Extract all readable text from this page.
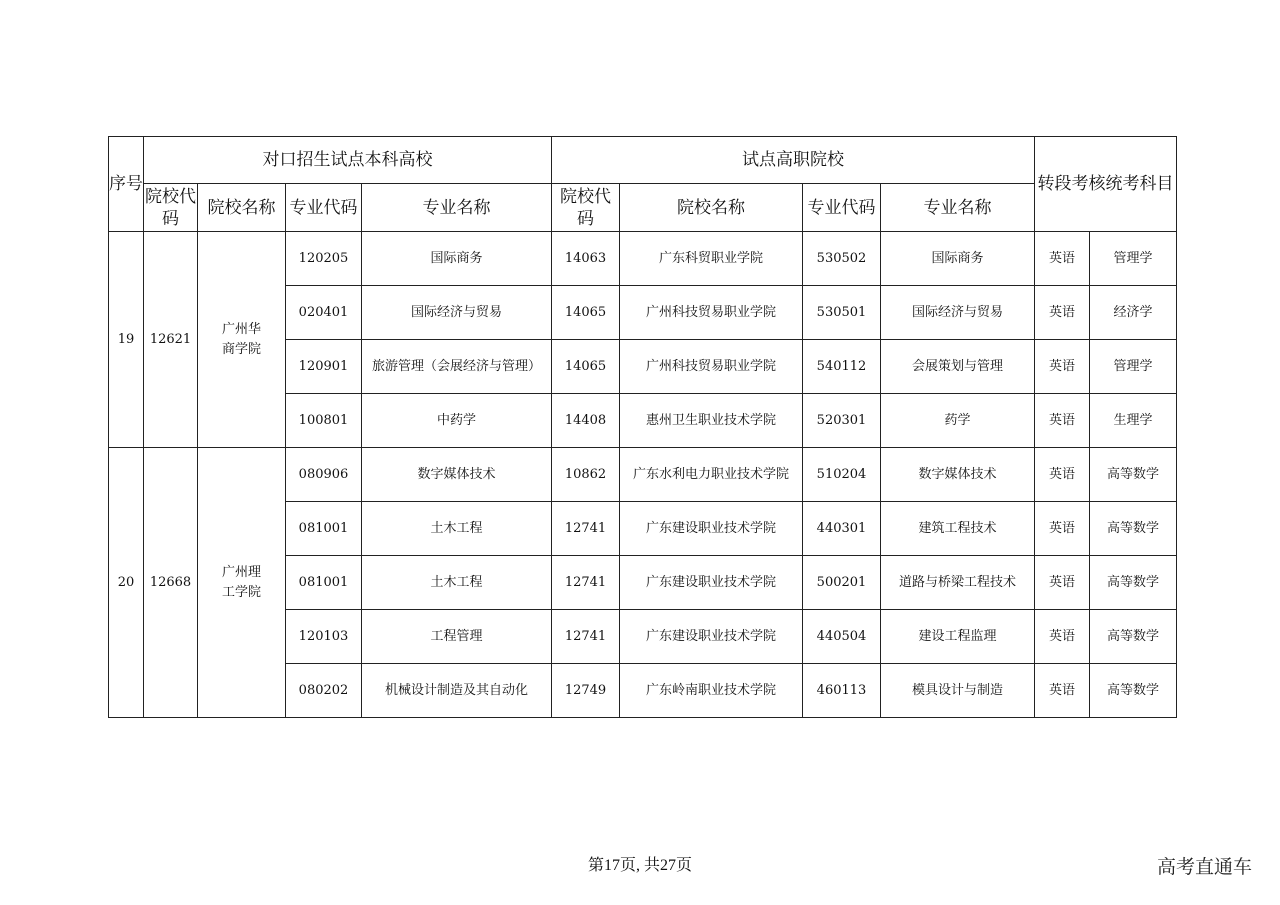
序号	对口招生试点本科高校				试点高职院校				转段考核统考科目	
	院校代码	院校名称	专业代码	专业名称	院校代码	院校名称	专业代码	专业名称		
19	12621	广州华商学院	120205	国际商务	14063	广东科贸职业学院	530502	国际商务	英语	管理学
			020401	国际经济与贸易	14065	广州科技贸易职业学院	530501	国际经济与贸易	英语	经济学
			120901	旅游管理（会展经济与管理）	14065	广州科技贸易职业学院	540112	会展策划与管理	英语	管理学
			100801	中药学	14408	惠州卫生职业技术学院	520301	药学	英语	生理学
20	12668	广州理工学院	080906	数字媒体技术	10862	广东水利电力职业技术学院	510204	数字媒体技术	英语	高等数学
			081001	土木工程	12741	广东建设职业技术学院	440301	建筑工程技术	英语	高等数学
			081001	土木工程	12741	广东建设职业技术学院	500201	道路与桥梁工程技术	英语	高等数学
			120103	工程管理	12741	广东建设职业技术学院	440504	建设工程监理	英语	高等数学
			080202	机械设计制造及其自动化	12749	广东岭南职业技术学院	460113	模具设计与制造	英语	高等数学
第17页, 共27页	高考直通车
